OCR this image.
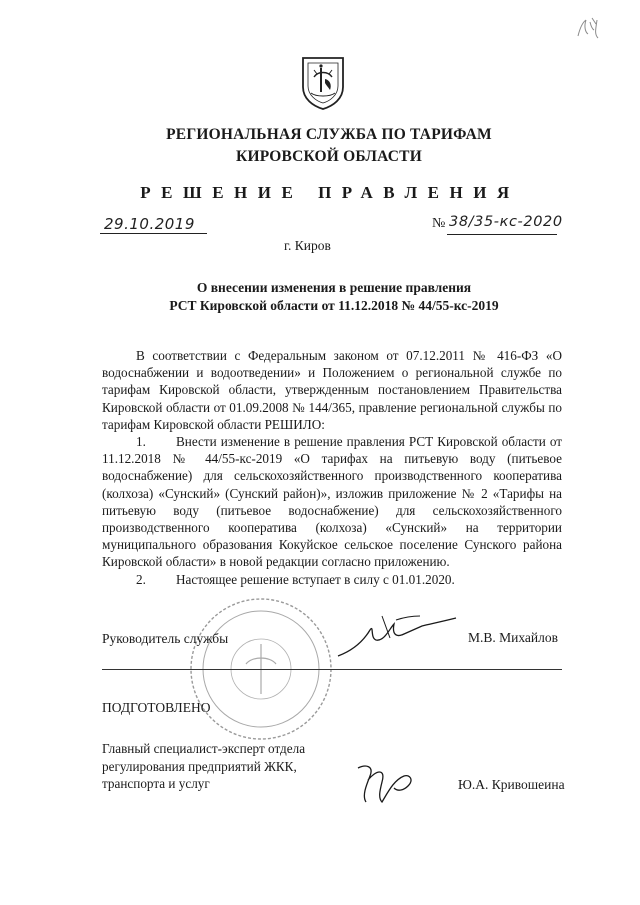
РЕГИОНАЛЬНАЯ СЛУЖБА ПО ТАРИФАМ
КИРОВСКОЙ ОБЛАСТИ
РЕШЕНИЕ ПРАВЛЕНИЯ
29.10.2019	№ 38/35-кс-2020
г. Киров
О внесении изменения в решение правления
РСТ Кировской области от 11.12.2018 № 44/55-кс-2019

В соответствии с Федеральным законом от 07.12.2011 № 416-ФЗ «О водоснабжении и водоотведении» и Положением о региональной службе по тарифам Кировской области, утвержденным постановлением Правительства Кировской области от 01.09.2008 № 144/365, правление региональной службы по тарифам Кировской области РЕШИЛО:

1. Внести изменение в решение правления РСТ Кировской области от 11.12.2018 № 44/55-кс-2019 «О тарифах на питьевую воду (питьевое водоснабжение) для сельскохозяйственного производственного кооператива (колхоза) «Сунский» (Сунский район)», изложив приложение № 2 «Тарифы на питьевую воду (питьевое водоснабжение) для сельскохозяйственного производственного кооператива (колхоза) «Сунский» на территории муниципального образования Кокуйское сельское поселение Сунского района Кировской области» в новой редакции согласно приложению.

2. Настоящее решение вступает в силу с 01.01.2020.

Руководитель службы	М.В. Михайлов
ПОДГОТОВЛЕНО
Главный специалист-эксперт отдела регулирования предприятий ЖКК, транспорта и услуг	Ю.А. Кривошеина
